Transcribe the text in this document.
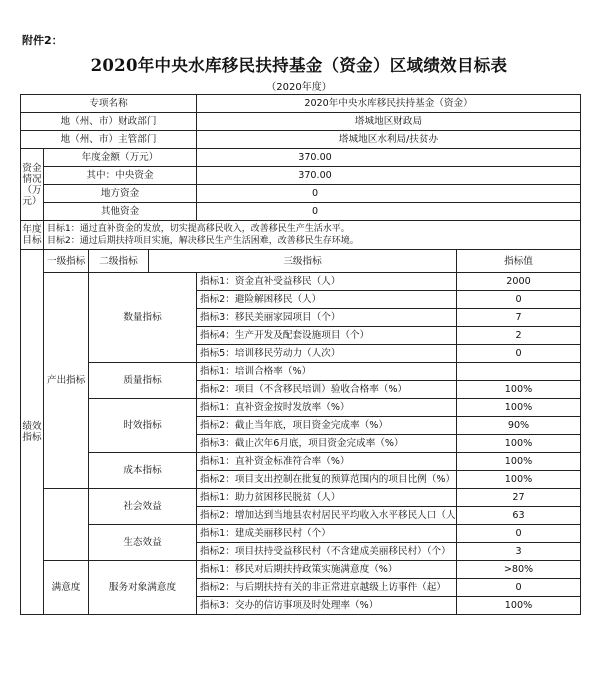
附件2：
2020年中央水库移民扶持基金（资金）区域绩效目标表
（2020年度）
专项名称				2020年中央水库移民扶持基金（资金）	
地（州、市）财政部门				塔城地区财政局	
地（州、市）主管部门				塔城地区水利局/扶贫办	
资金情况（万元）	年度金额（万元）			370.00	
	其中：中央资金			370.00	
	地方资金			0	
	其他资金			0	
年度目标	目标1：通过直补资金的发放，切实提高移民收入，改善移民生产生活水平。
目标2：通过后期扶持项目实施，解决移民生产生活困难，改善移民生存环境。				

绩效指标	一级指标	二级指标	三级指标		指标值
	产出指标	数量指标		指标1：资金直补受益移民（人）	2000
				指标2：避险解困移民（人）	0
				指标3：移民美丽家园项目（个）	7
				指标4：生产开发及配套设施项目（个）	2
				指标5：培训移民劳动力（人次）	0
		质量指标		指标1：培训合格率（%）	
				指标2：项目（不含移民培训）验收合格率（%）	100%
		时效指标		指标1：直补资金按时发放率（%）	100%
				指标2：截止当年底，项目资金完成率（%）	90%
				指标3：截止次年6月底，项目资金完成率（%）	100%
		成本指标		指标1：直补资金标准符合率（%）	100%
				指标2：项目支出控制在批复的预算范围内的项目比例（%）	100%
		社会效益		指标1：助力贫困移民脱贫（人）	27
				指标2：增加达到当地县农村居民平均收入水平移民人口（人	63
		生态效益		指标1：建成美丽移民村（个）	0
				指标2：项目扶持受益移民村（不含建成美丽移民村）（个）	3
	满意度	服务对象满意度		指标1：移民对后期扶持政策实施满意度（%）	>80%
				指标2：与后期扶持有关的非正常进京越级上访事件（起）	0
				指标3：交办的信访事项及时处理率（%）	100%
